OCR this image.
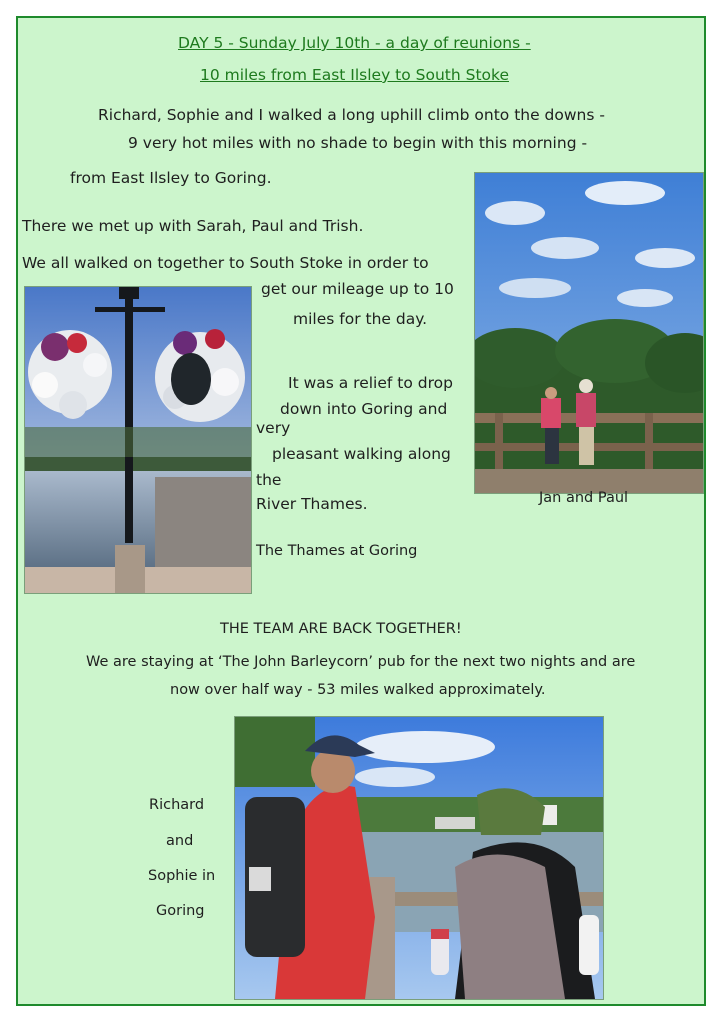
DAY 5 - Sunday July 10th - a day of reunions -
10 miles from East Ilsley to South Stoke
Richard, Sophie and I walked a long uphill climb onto the downs -
9 very hot miles with no shade to begin with this morning -
from East Ilsley to Goring.
There we met up with Sarah, Paul and Trish.
We all walked on together to South Stoke in order to
get our mileage up to 10
miles for the day.
It was a relief to drop
down into Goring and
very
pleasant walking along
the
River Thames.
The Thames at Goring
Jan and Paul
THE TEAM ARE BACK TOGETHER!
We are staying at ‘The John Barleycorn’ pub for the next two nights and are
now over half way - 53 miles walked approximately.
Richard
and
Sophie in
Goring
